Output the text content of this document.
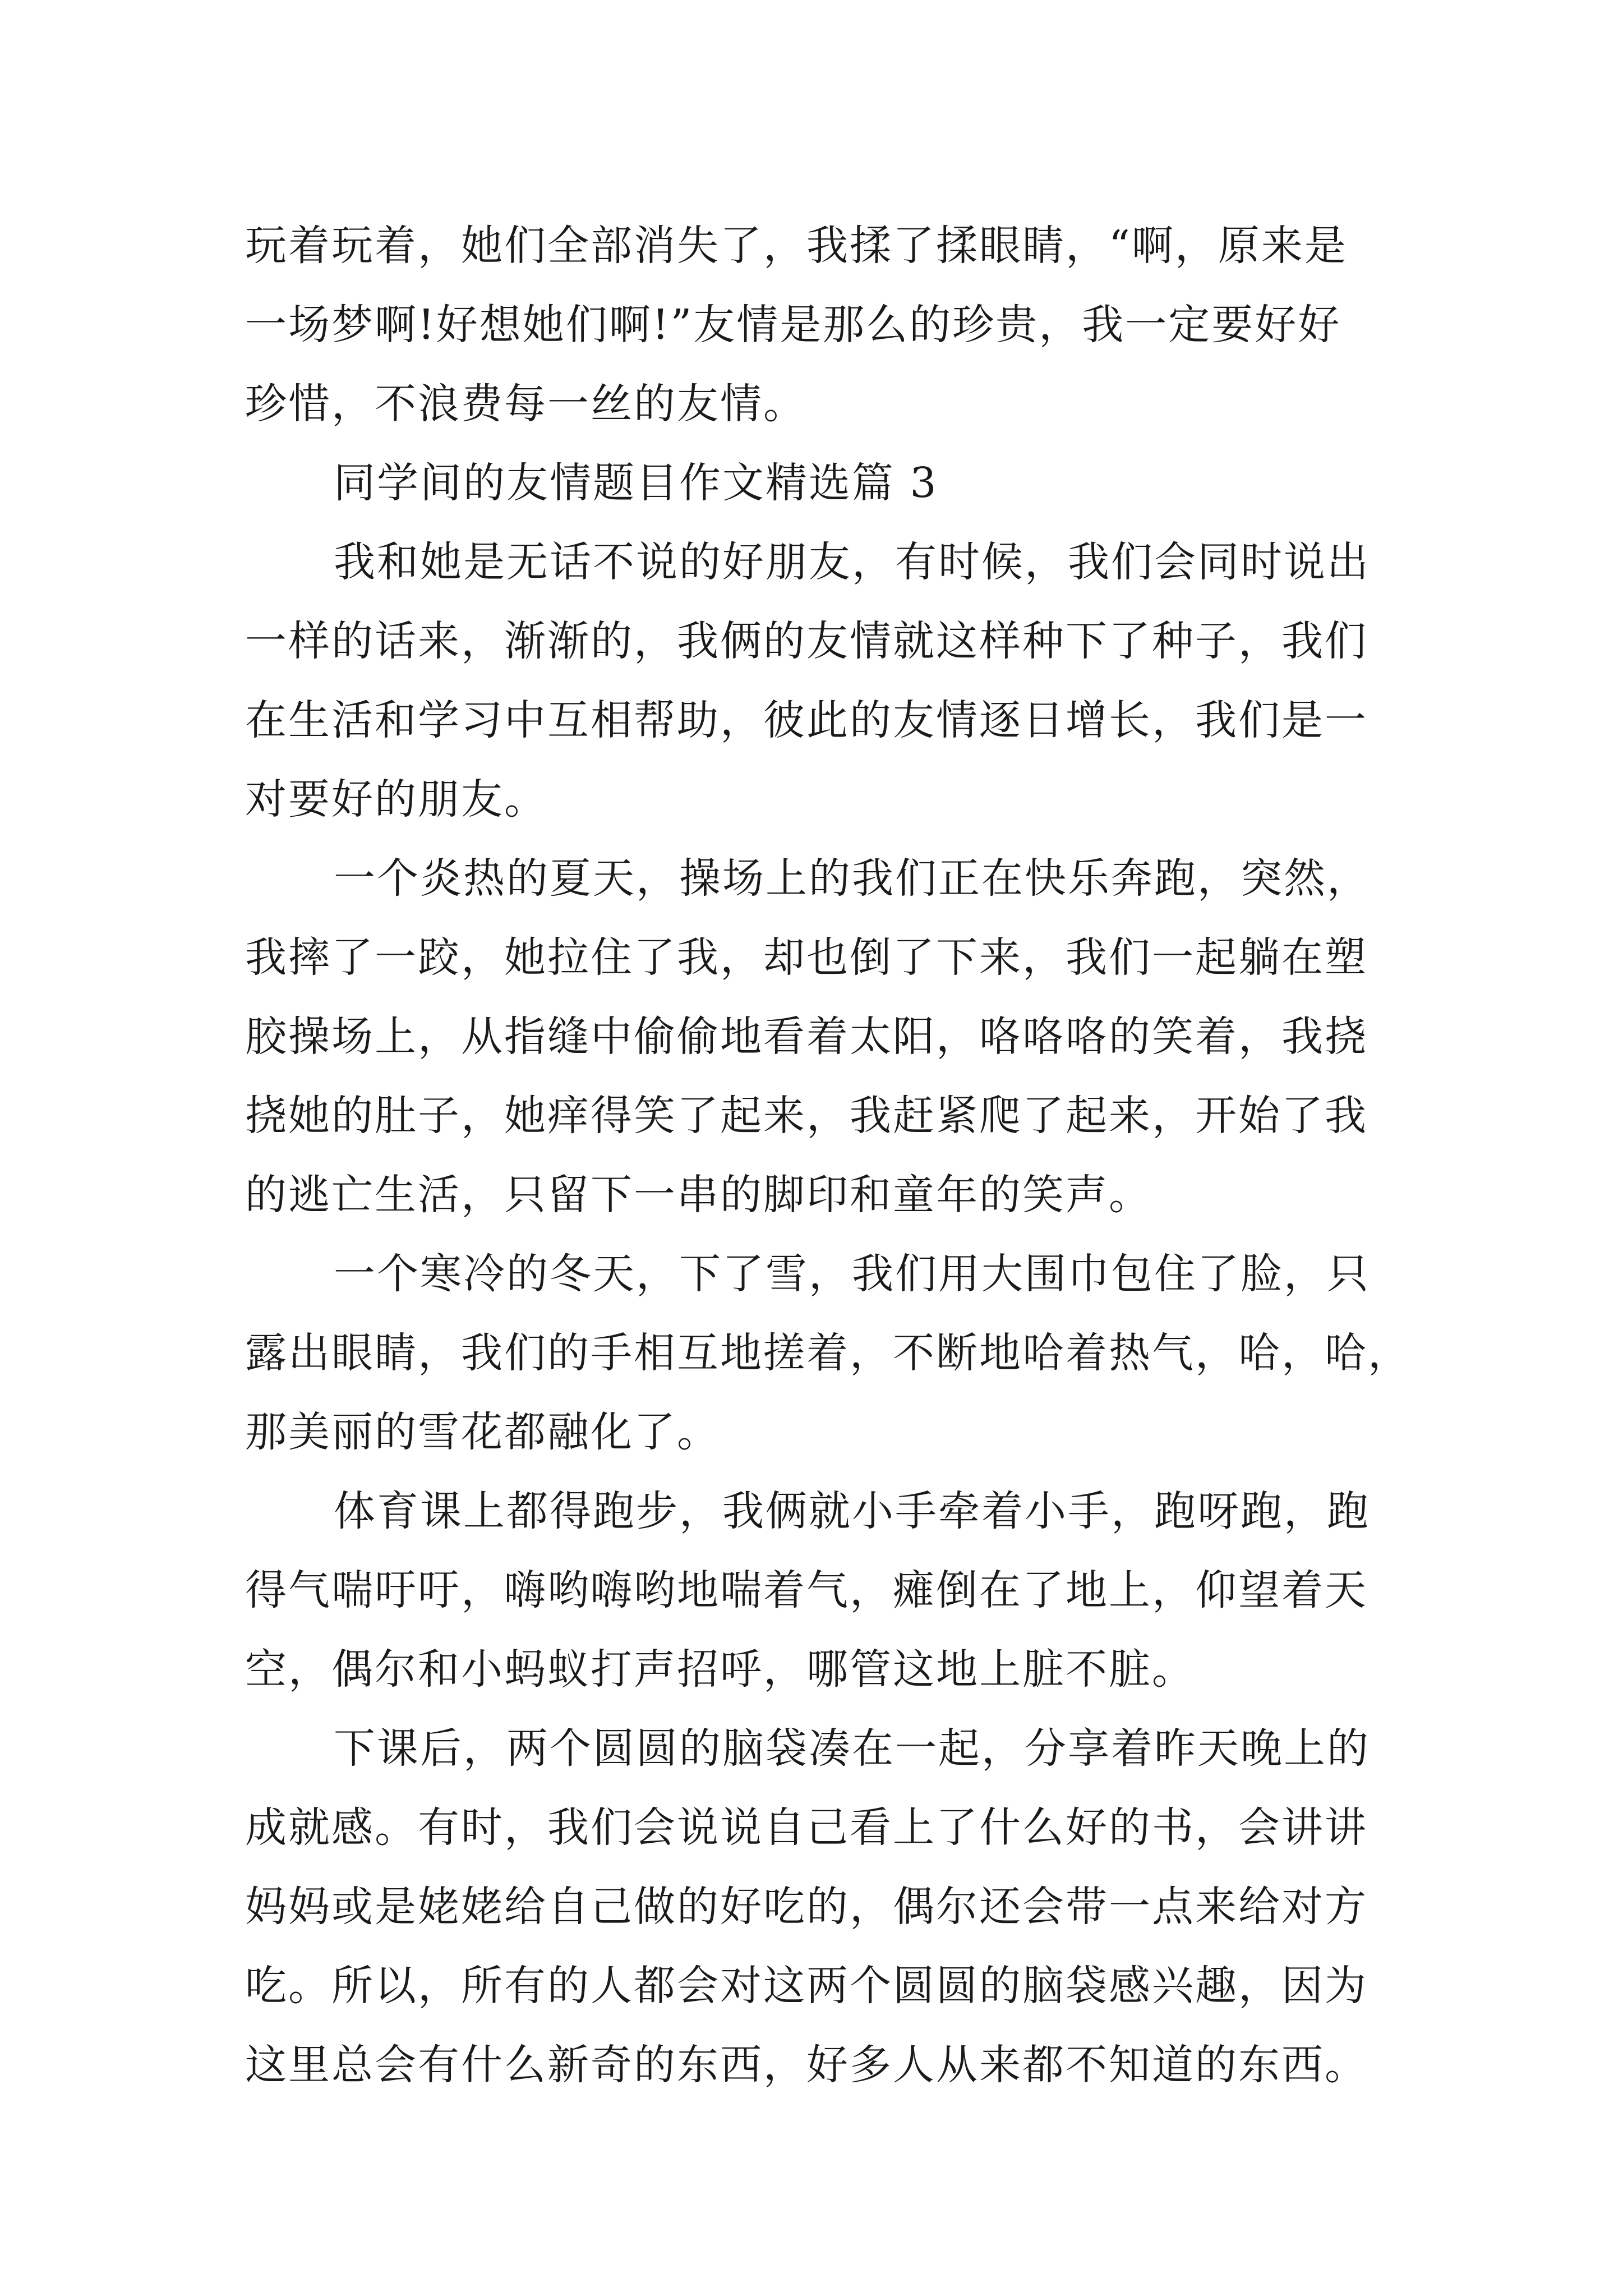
玩着玩着，她们全部消失了，我揉了揉眼睛，“啊，原来是
一场梦啊!好想她们啊!”友情是那么的珍贵，我一定要好好
珍惜，不浪费每一丝的友情。

同学间的友情题目作文精选篇 3

我和她是无话不说的好朋友，有时候，我们会同时说出
一样的话来，渐渐的，我俩的友情就这样种下了种子，我们
在生活和学习中互相帮助，彼此的友情逐日增长，我们是一
对要好的朋友。

一个炎热的夏天，操场上的我们正在快乐奔跑，突然，
我摔了一跤，她拉住了我，却也倒了下来，我们一起躺在塑
胶操场上，从指缝中偷偷地看着太阳，咯咯咯的笑着，我挠
挠她的肚子，她痒得笑了起来，我赶紧爬了起来，开始了我
的逃亡生活，只留下一串的脚印和童年的笑声。

一个寒冷的冬天，下了雪，我们用大围巾包住了脸，只
露出眼睛，我们的手相互地搓着，不断地哈着热气，哈，哈，
那美丽的雪花都融化了。

体育课上都得跑步，我俩就小手牵着小手，跑呀跑，跑
得气喘吁吁，嗨哟嗨哟地喘着气，瘫倒在了地上，仰望着天
空，偶尔和小蚂蚁打声招呼，哪管这地上脏不脏。

下课后，两个圆圆的脑袋凑在一起，分享着昨天晚上的
成就感。有时，我们会说说自己看上了什么好的书，会讲讲
妈妈或是姥姥给自己做的好吃的，偶尔还会带一点来给对方
吃。所以，所有的人都会对这两个圆圆的脑袋感兴趣，因为
这里总会有什么新奇的东西，好多人从来都不知道的东西。
